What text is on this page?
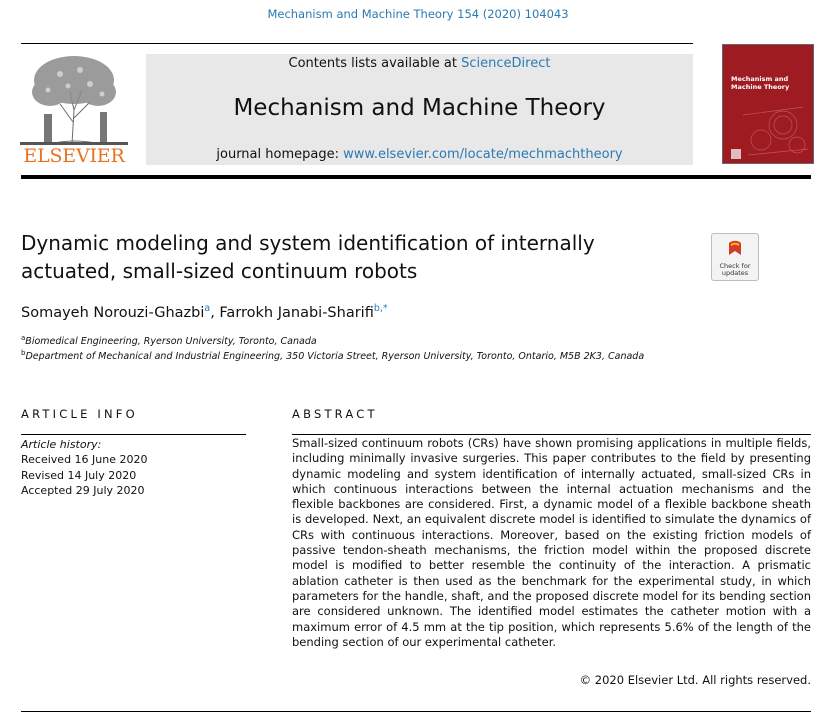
Mechanism and Machine Theory 154 (2020) 104043
ELSEVIER
Contents lists available at ScienceDirect
Mechanism and Machine Theory
journal homepage: www.elsevier.com/locate/mechmachtheory
Mechanism and Machine Theory
Dynamic modeling and system identification of internally
actuated, small-sized continuum robots	Check for
updates
Somayeh Norouzi-Ghazbi$^a$, Farrokh Janabi-Sharifi$^{b,*}$
$^a$Biomedical Engineering, Ryerson University, Toronto, Canada
$^b$Department of Mechanical and Industrial Engineering, 350 Victoria Street, Ryerson University, Toronto, Ontario, M5B 2K3, Canada
ARTICLE INFO	ABSTRACT
Article history:
Received 16 June 2020
Revised 14 July 2020
Accepted 29 July 2020
Small-sized continuum robots (CRs) have shown promising applications in multiple fields, including minimally invasive surgeries. This paper contributes to the field by presenting dynamic modeling and system identification of internally actuated, small-sized CRs in which continuous interactions between the internal actuation mechanisms and the flexible backbones are considered. First, a dynamic model of a flexible backbone sheath is developed. Next, an equivalent discrete model is identified to simulate the dynamics of CRs with continuous interactions. Moreover, based on the existing friction models of passive tendon-sheath mechanisms, the friction model within the proposed discrete model is modified to better resemble the continuity of the interaction. A prismatic ablation catheter is then used as the benchmark for the experimental study, in which parameters for the handle, shaft, and the proposed discrete model for its bending section are considered unknown. The identified model estimates the catheter motion with a maximum error of 4.5 mm at the tip position, which represents 5.6% of the length of the bending section of our experimental catheter.
© 2020 Elsevier Ltd. All rights reserved.
